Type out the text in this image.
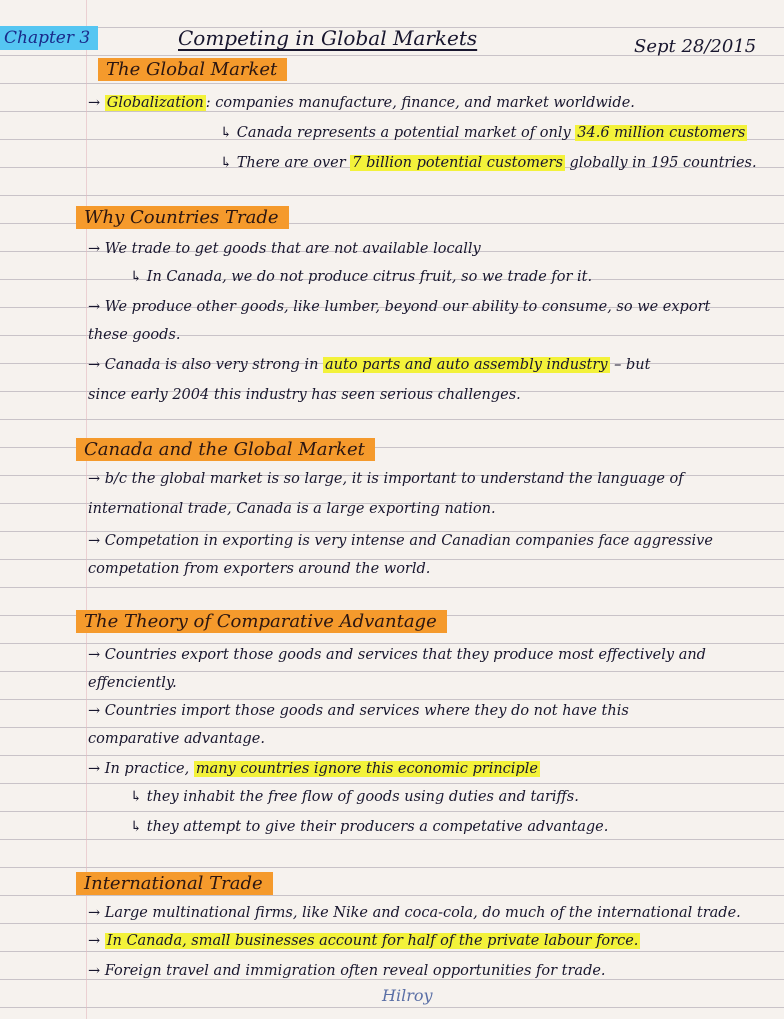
Chapter 3	Competing in Global Markets	Sept 28/2015
The Global Market
→ Globalization : companies manufacture, finance, and market worldwide.
↳ Canada represents a potential market of only 34.6 million customers
↳ There are over 7 billion potential customers globally in 195 countries.
Why Countries Trade
→ We trade to get goods that are not available locally
↳ In Canada, we do not produce citrus fruit, so we trade for it.
→ We produce other goods, like lumber, beyond our ability to consume, so we export
these goods.
→ Canada is also very strong in auto parts and auto assembly industry – but
since early 2004 this industry has seen serious challenges.
Canada and the Global Market
→ b/c the global market is so large, it is important to understand the language of
international trade, Canada is a large exporting nation.
→ Competation in exporting is very intense and Canadian companies face aggressive
competation from exporters around the world.
The Theory of Comparative Advantage
→ Countries export those goods and services that they produce most effectively and
effenciently.
→ Countries import those goods and services where they do not have this
comparative advantage.
→ In practice, many countries ignore this economic principle
↳ they inhabit the free flow of goods using duties and tariffs.
↳ they attempt to give their producers a competative advantage.
International Trade
→ Large multinational firms, like Nike and coca-cola, do much of the international trade.
→ In Canada, small businesses account for half of the private labour force.
→ Foreign travel and immigration often reveal opportunities for trade.
Hilroy
